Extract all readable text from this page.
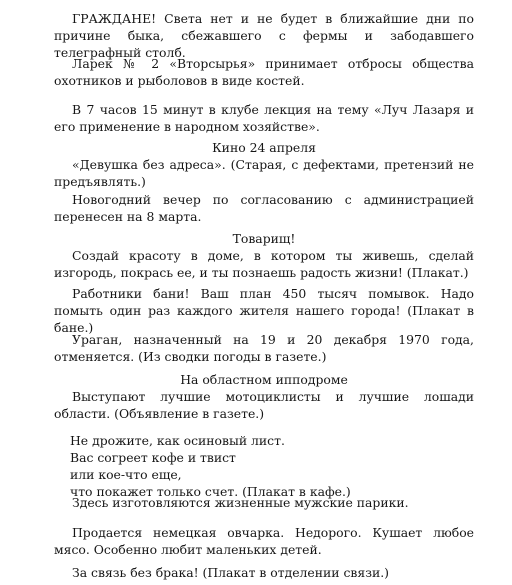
ГРАЖДАНЕ! Света нет и не будет в ближайшие дни по причине быка, сбежавшего с фермы и забодавшего телеграфный столб.

Ларек № 2 «Вторсырья» принимает отбросы общества охотников и рыболовов в виде костей.

В 7 часов 15 минут в клубе лекция на тему «Луч Лазаря и его применение в народном хозяйстве».

Кино 24 апреля

«Девушка без адреса». (Старая, с дефектами, претензий не предъявлять.)

Новогодний вечер по согласованию с администрацией перенесен на 8 марта.

Товарищ!

Создай красоту в доме, в котором ты живешь, сделай изгородь, покрась ее, и ты познаешь радость жизни! (Плакат.)

Работники бани! Ваш план 450 тысяч помывок. Надо помыть один раз каждого жителя нашего города! (Плакат в бане.)

Ураган, назначенный на 19 и 20 декабря 1970 года, отменяется. (Из сводки погоды в газете.)

На областном ипподроме

Выступают лучшие мотоциклисты и лучшие лошади области. (Объявление в газете.)

Не дрожите, как осиновый лист.
Вас согреет кофе и твист
или кое-что еще,
что покажет только счет. (Плакат в кафе.)

Здесь изготовляются жизненные мужские парики.

Продается немецкая овчарка. Недорого. Кушает любое мясо. Особенно любит маленьких детей.

За связь без брака! (Плакат в отделении связи.)
